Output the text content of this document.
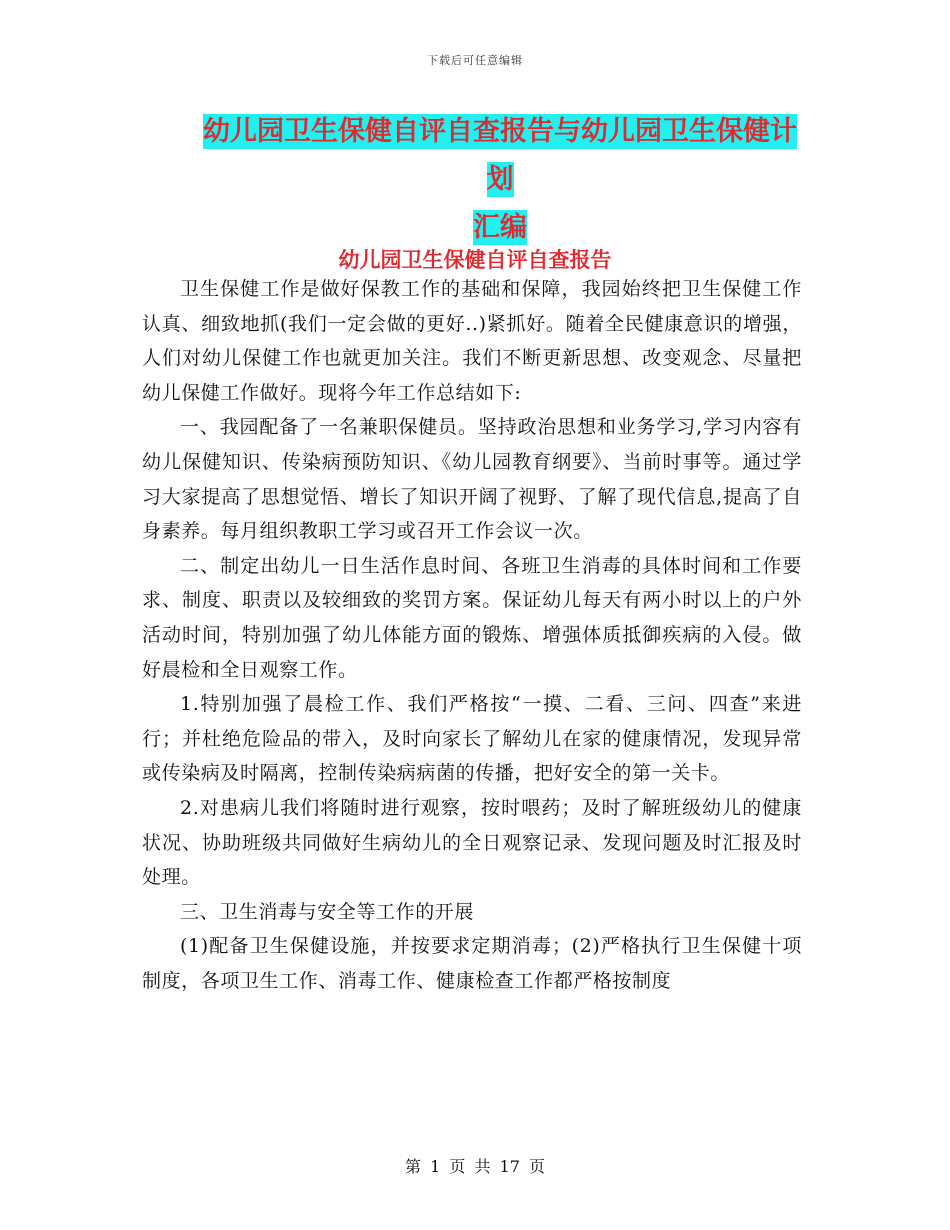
下载后可任意编辑
幼儿园卫生保健自评自查报告与幼儿园卫生保健计划
汇编
幼儿园卫生保健自评自查报告

卫生保健工作是做好保教工作的基础和保障，我园始终把卫生保健工作认真、细致地抓(我们一定会做的更好..)紧抓好。随着全民健康意识的增强，人们对幼儿保健工作也就更加关注。我们不断更新思想、改变观念、尽量把幼儿保健工作做好。现将今年工作总结如下:

一、我园配备了一名兼职保健员。坚持政治思想和业务学习,学习内容有幼儿保健知识、传染病预防知识、《幼儿园教育纲要》、当前时事等。通过学习大家提高了思想觉悟、增长了知识开阔了视野、了解了现代信息,提高了自身素养。每月组织教职工学习或召开工作会议一次。

二、制定出幼儿一日生活作息时间、各班卫生消毒的具体时间和工作要求、制度、职责以及较细致的奖罚方案。保证幼儿每天有两小时以上的户外活动时间，特别加强了幼儿体能方面的锻炼、增强体质抵御疾病的入侵。做好晨检和全日观察工作。

1.特别加强了晨检工作、我们严格按“一摸、二看、三问、四查”来进行；并杜绝危险品的带入，及时向家长了解幼儿在家的健康情况，发现异常或传染病及时隔离，控制传染病病菌的传播，把好安全的第一关卡。

2.对患病儿我们将随时进行观察，按时喂药；及时了解班级幼儿的健康状况、协助班级共同做好生病幼儿的全日观察记录、发现问题及时汇报及时处理。

三、卫生消毒与安全等工作的开展

(1)配备卫生保健设施，并按要求定期消毒；(2)严格执行卫生保健十项制度，各项卫生工作、消毒工作、健康检查工作都严格按制度

第 1 页 共 17 页
